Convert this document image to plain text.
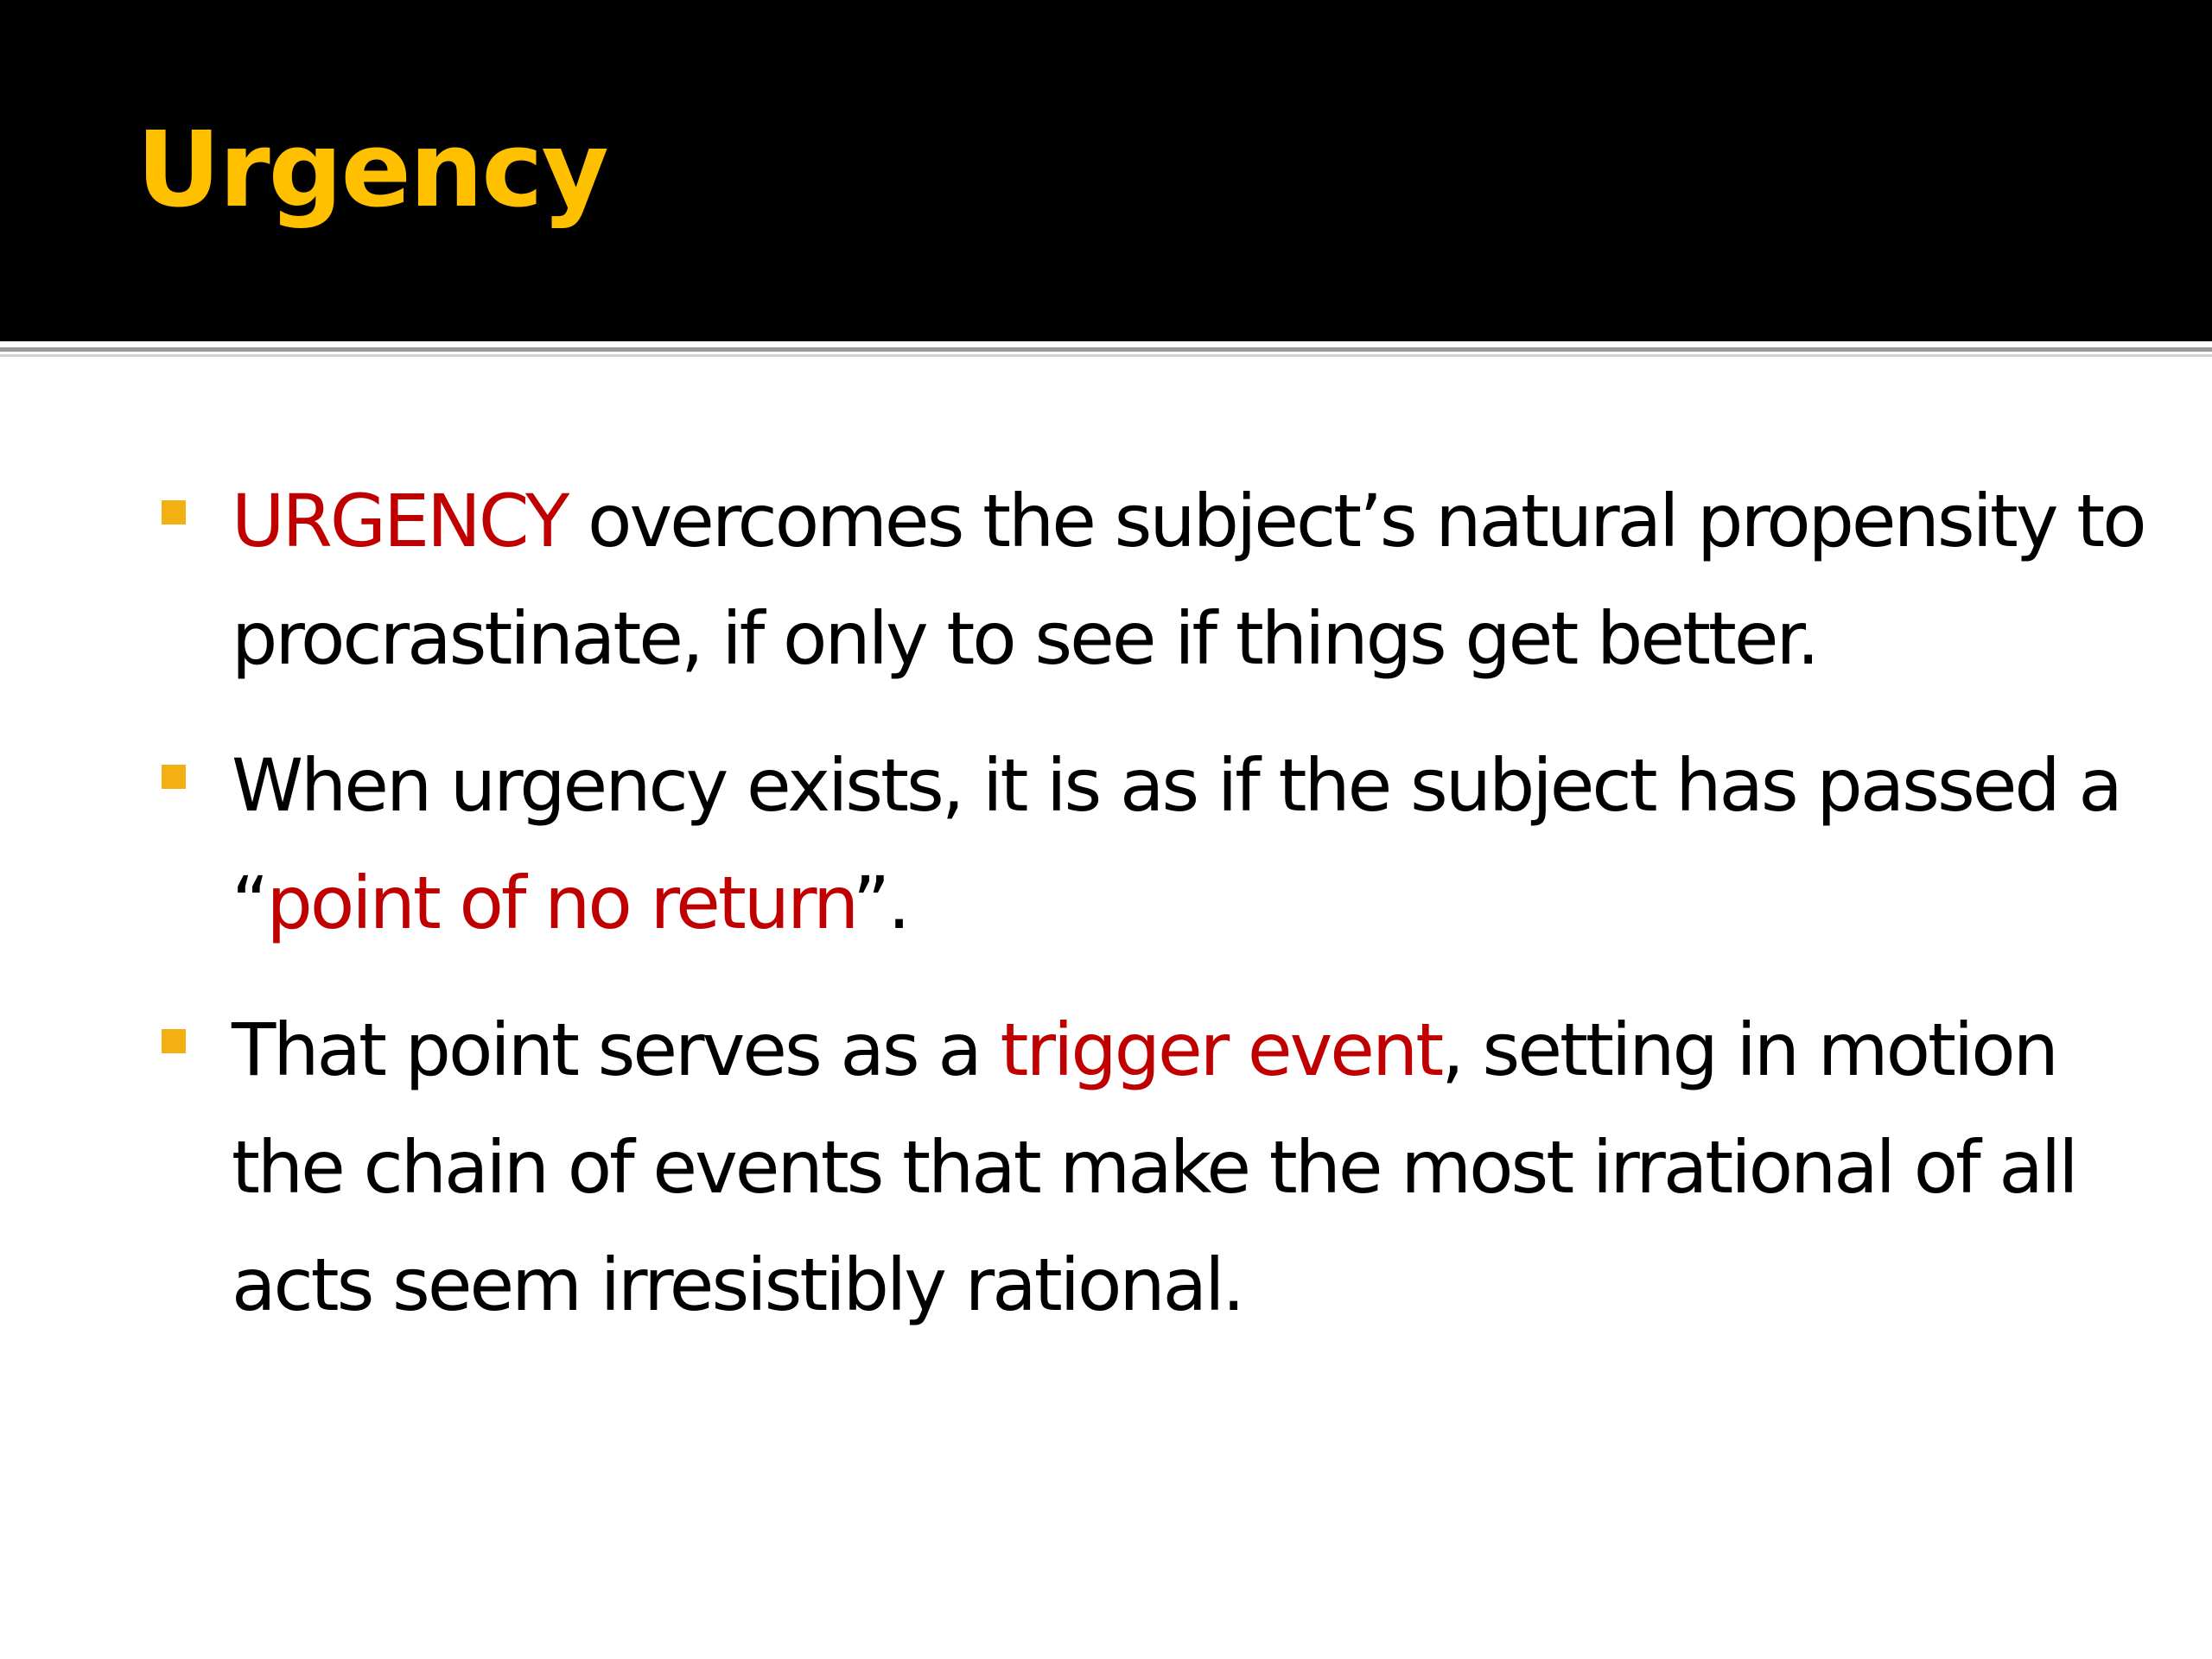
Urgency
URGENCY overcomes the subject’s natural propensity to procrastinate, if only to see if things get better.
When urgency exists, it is as if the subject has passed a “point of no return”.
That point serves as a trigger event, setting in motion the chain of events that make the most irrational of all acts seem irresistibly rational.
